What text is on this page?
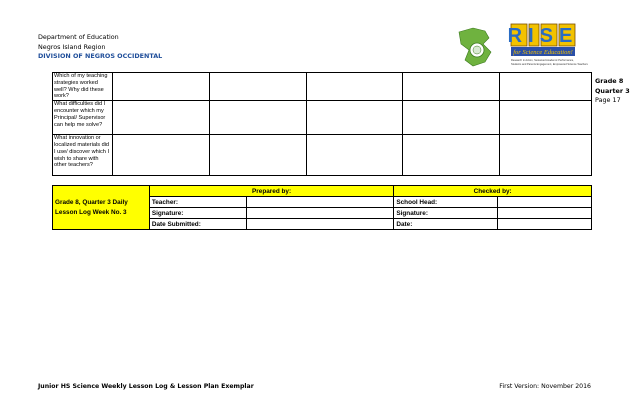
Department of Education
Negros Island Region
DIVISION OF NEGROS OCCIDENTAL
RISE
for Science Education!
Research in Action, Sustained Academic Performance,
Students and Parents Engagement, Empowered Science Teachers
Grade 8
Quarter 3
Page 17
Which of my teaching strategies worked well? Why did these work?					
What difficulties did I encounter which my Principal/ Supervisor can help me solve?					
What innovation or localized materials did I use/ discover which I wish to share with other teachers?					
Grade 8, Quarter 3 Daily Lesson Log Week No. 3	Prepared by:		Checked by:	
	Teacher:		School Head:	
	Signature:		Signature:	
	Date Submitted:		Date:	
Junior HS Science Weekly Lesson Log & Lesson Plan Exemplar	First Version: November 2016
